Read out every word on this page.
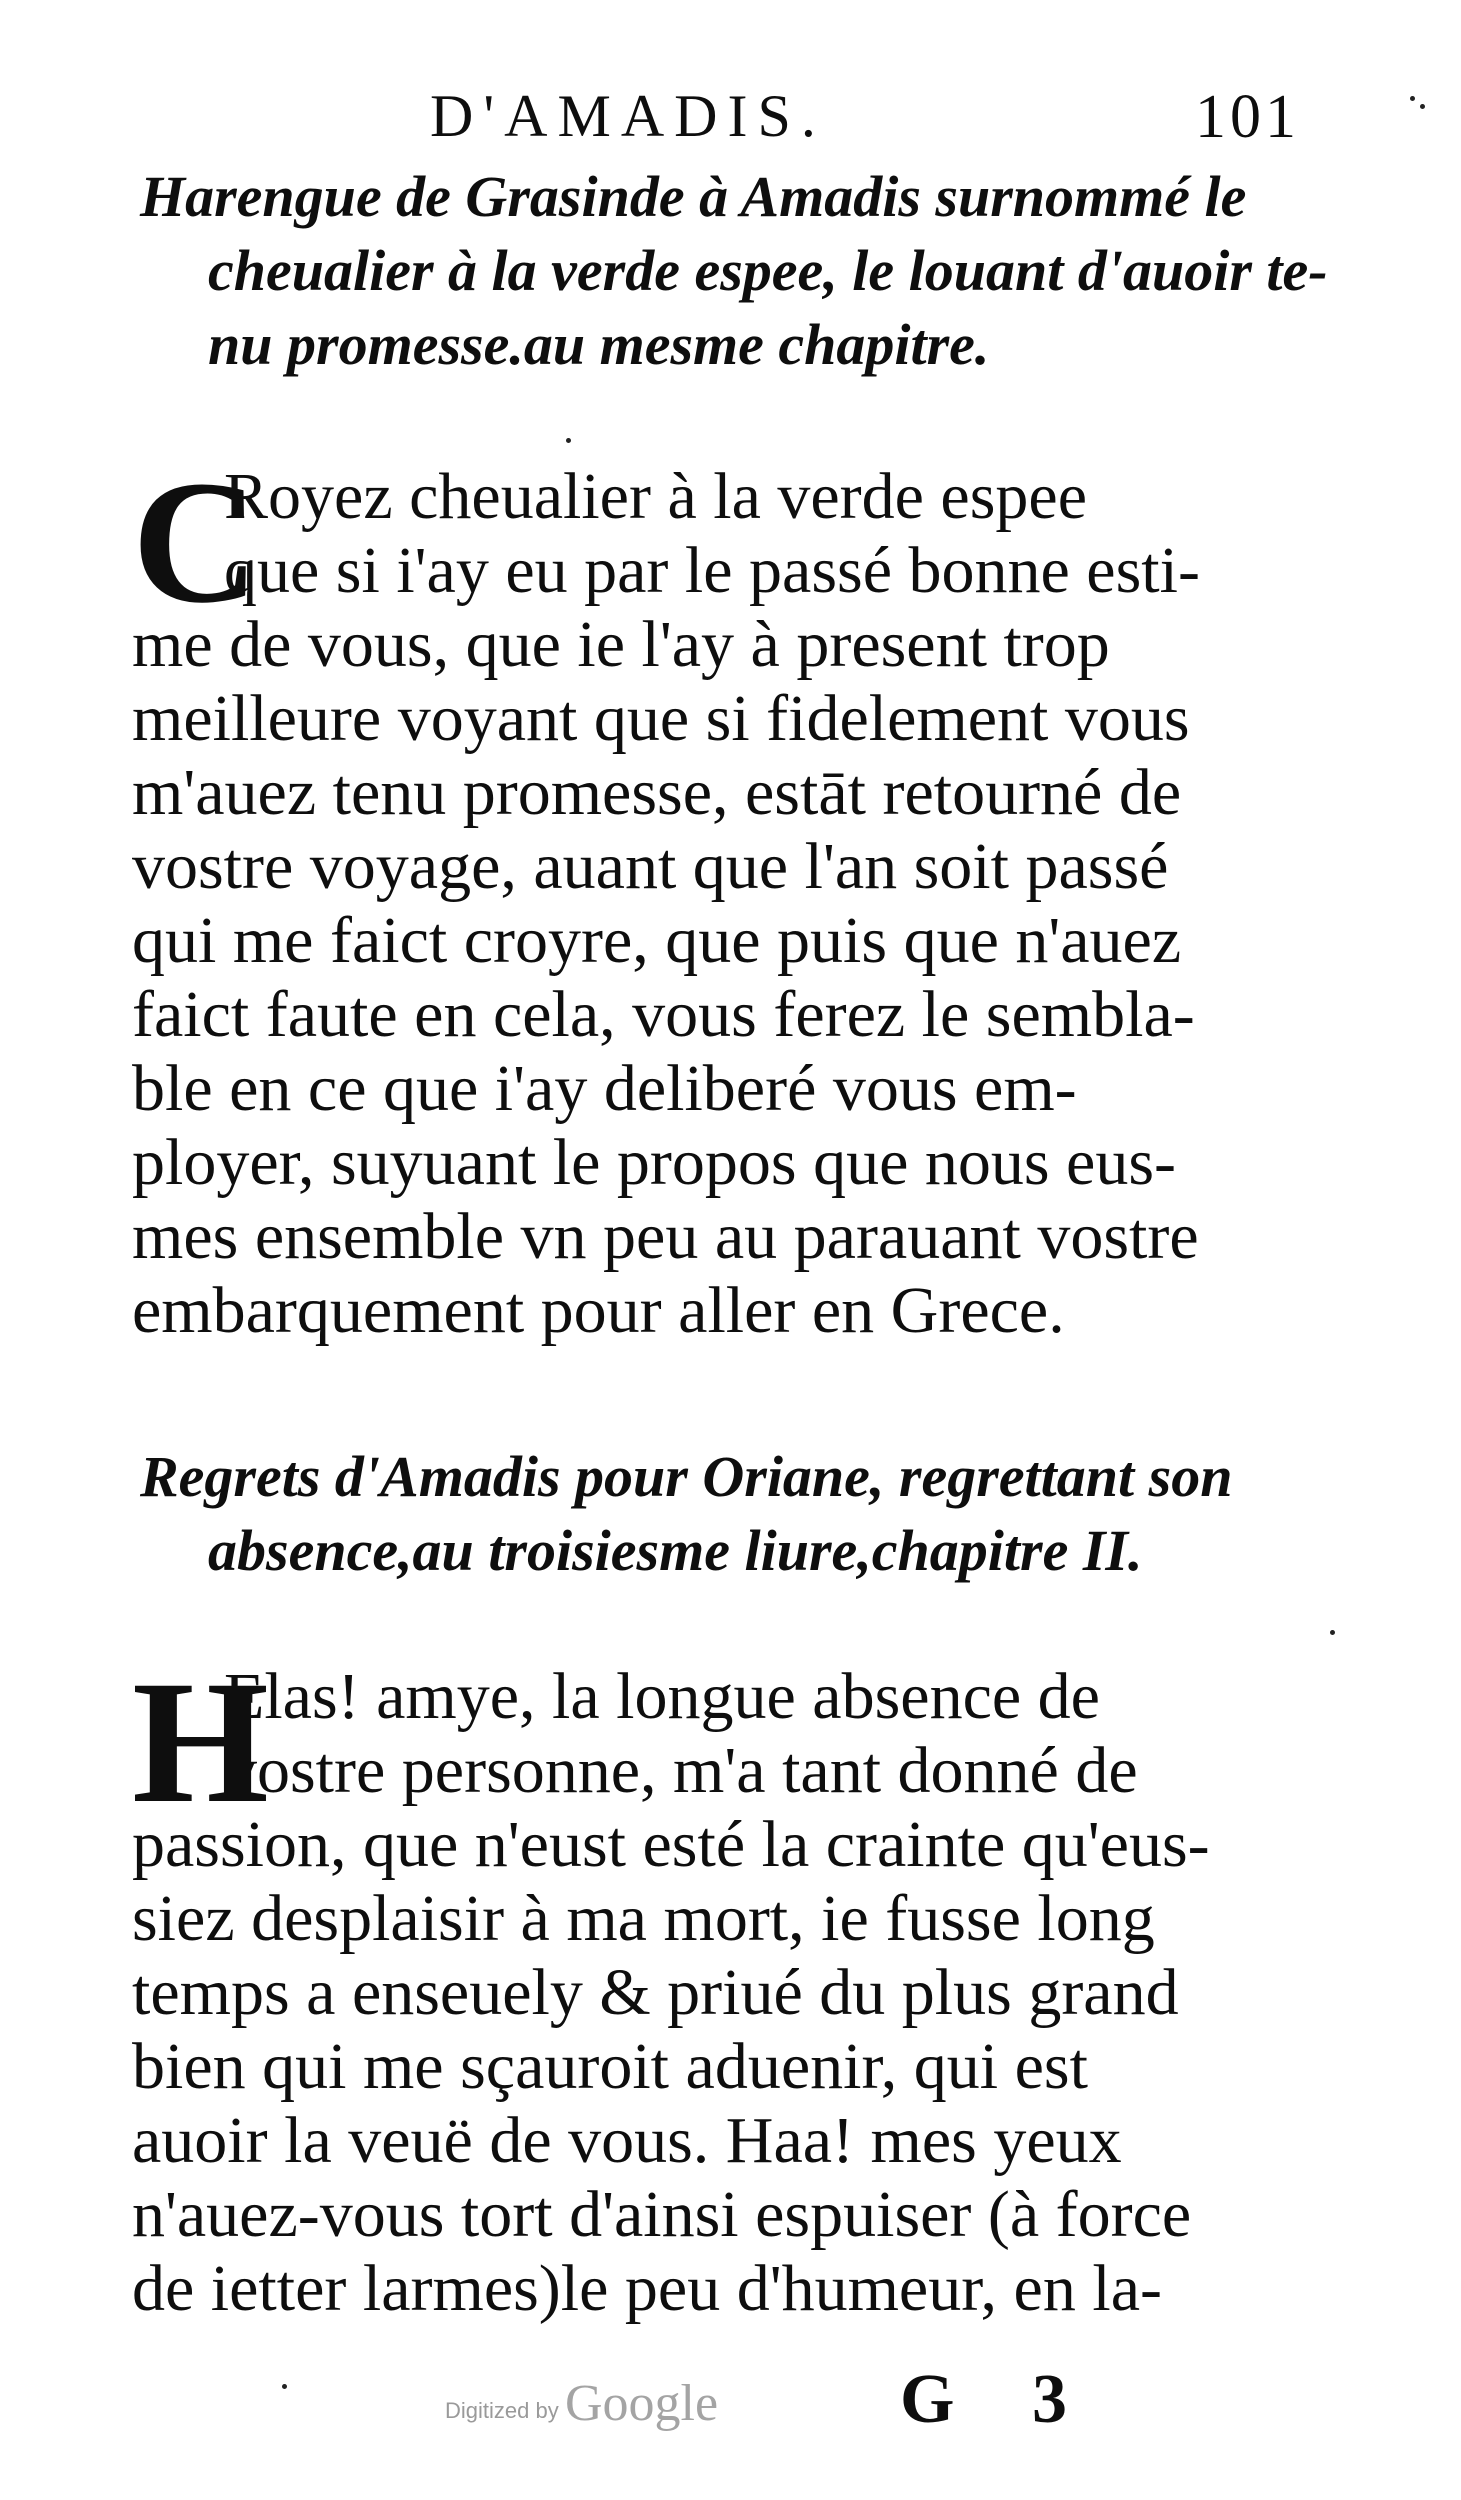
D'AMADIS.	101
Harengue de Grasinde à Amadis surnommé le
cheualier à la verde espee, le louant d'auoir te-
nu promesse.au mesme chapitre.
C
Royez cheualier à la verde espee
que si i'ay eu par le passé bonne esti-
me de vous, que ie l'ay à present trop
meilleure voyant que si fidelement vous
m'auez tenu promesse, estāt retourné de
vostre voyage, auant que l'an soit passé
qui me faict croyre, que puis que n'auez
faict faute en cela, vous ferez le sembla-
ble en ce que i'ay deliberé vous em-
ployer, suyuant le propos que nous eus-
mes ensemble vn peu au parauant vostre
embarquement pour aller en Grece.
Regrets d'Amadis pour Oriane, regrettant son
absence,au troisiesme liure,chapitre II.
H
Elas! amye, la longue absence de
vostre personne, m'a tant donné de
passion, que n'eust esté la crainte qu'eus-
siez desplaisir à ma mort, ie fusse long
temps a enseuely & priué du plus grand
bien qui me sçauroit aduenir, qui est
auoir la veuë de vous. Haa! mes yeux
n'auez-vous tort d'ainsi espuiser (à force
de ietter larmes)le peu d'humeur, en la-
Digitized by Google	G 3
